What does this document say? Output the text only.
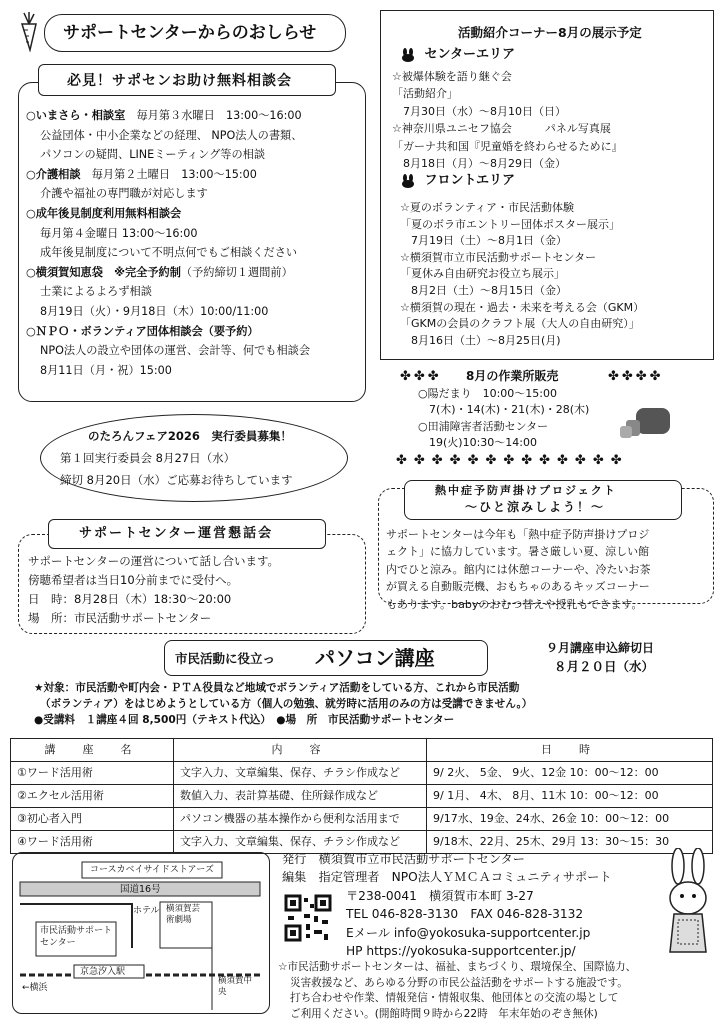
サポートセンターからのおしらせ
必見！サポセンお助け無料相談会
○いまさら・相談室　 毎月第３水曜日　13:00～16:00
公益団体・中小企業などの経理、 NPO法人の書類、
パソコンの疑問、LINEミーティング等の相談
○介護相談　 毎月第２土曜日　13:00～15:00
介護や福祉の専門職が対応します
○成年後見制度利用無料相談会
毎月第４金曜日 13:00～16:00
成年後見制度について不明点何でもご相談ください
○横須賀知恵袋　※完全予約制（予約締切１週間前）
士業によるよろず相談
8月19日（火）・9月18日（木）10:00/11:00
○ＮＰＯ・ボランティア団体相談会（要予約）
NPO法人の設立や団体の運営、会計等、何でも相談会
8月11日（月・祝）15:00
のたろんフェア2026　実行委員募集！
第１回実行委員会 8月27日（水）
締切 8月20日（水）ご応募お待ちしています
サポートセンター運営懇話会
サポートセンターの運営について話し合います。
傍聴希望者は当日10分前までに受付へ。
日　時：8月28日（木）18:30～20:00
場　所：市民活動サポートセンター
活動紹介コーナー8月の展示予定
センターエリア
☆被爆体験を語り継ぐ会
「活動紹介」
　7月30日（水）～8月10日（日）
☆神奈川県ユニセフ協会　　　パネル写真展
「ガーナ共和国『児童婚を終わらせるために』
　8月18日（月）～8月29日（金）
フロントエリア
☆夏のボランティア・市民活動体験
「夏のボラ市エントリー団体ポスター展示」
　7月19日（土）～8月1日（金）
☆横須賀市立市民活動サポートセンター
「夏休み自由研究お役立ち展示」
　8月2日（土）～8月15日（金）
☆横須賀の現在・過去・未来を考える会（GKM）
「GKMの会員のクラフト展（大人の自由研究）」
　8月16日（土）～8月25日(月)
✤✤✤ 8月の作業所販売	✤✤✤✤
○陽だまり　10:00～15:00
　7(木)・14(木)・21(木)・28(木)
○田浦障害者活動センター
　19(火)10:30～14:00
✤✤✤✤✤✤✤✤✤✤✤✤✤
熱中症予防声掛けプロジェクト
～ひと涼みしよう！～
サポートセンターは今年も「熱中症予防声掛けプロジ
ェクト」に協力しています。暑さ厳しい夏、涼しい館
内でひと涼み。館内には休憩コーナーや、冷たいお茶
が買える自動販売機、おもちゃのあるキッズコーナー
もあります。babyのおむつ替えや授乳もできます。
市民活動に役立っ パソコン講座	９月講座申込締切日
８月２０日（水）
★対象：市民活動や町内会・ＰＴＡ役員など地域でボランティア活動をしている方、これから市民活動
（ボランティア）をはじめようとしている方（個人の勉強、就労時に活用のみの方は受講できません。）
●受講料　１講座４回 8,500円（テキスト代込）　●場　所　市民活動サポートセンター
講　座　名	内　容	日　時
①ワード活用術	文字入力、文章編集、保存、チラシ作成など	9/ 2火、 5金、 9火、12金 10：00～12：00
②エクセル活用術	数値入力、表計算基礎、住所録作成など	9/ 1月、 4木、 8月、11木 10：00～12：00
③初心者入門	パソコン機器の基本操作から便利な活用まで	9/17水、19金、24水、26金 10：00～12：00
④ワード活用術	文字入力、文章編集、保存、チラシ作成など	9/18木、22月、25木、29月 13：30～15：30
コースカベイサイドストアーズ
国道16号
ホテル 横須賀芸術劇場
市民活動サポートセンター
京急汐入駅
←横浜
横須賀中央
発行　横須賀市立市民活動サポートセンター
編集　指定管理者　NPO法人ＹＭＣＡコミュニティサポート
〒238-0041　横須賀市本町 3-27
TEL 046-828-3130　FAX 046-828-3132
Eメール info@yokosuka-supportcenter.jp
HP https://yokosuka-supportcenter.jp/
☆市民活動サポートセンターは、福祉、まちづくり、環境保全、国際協力、
災害救援など、あらゆる分野の市民公益活動をサポートする施設です。
打ち合わせや作業、情報発信・情報収集、他団体との交流の場として
ご利用ください。(開館時間９時から22時　年末年始のぞき無休)
